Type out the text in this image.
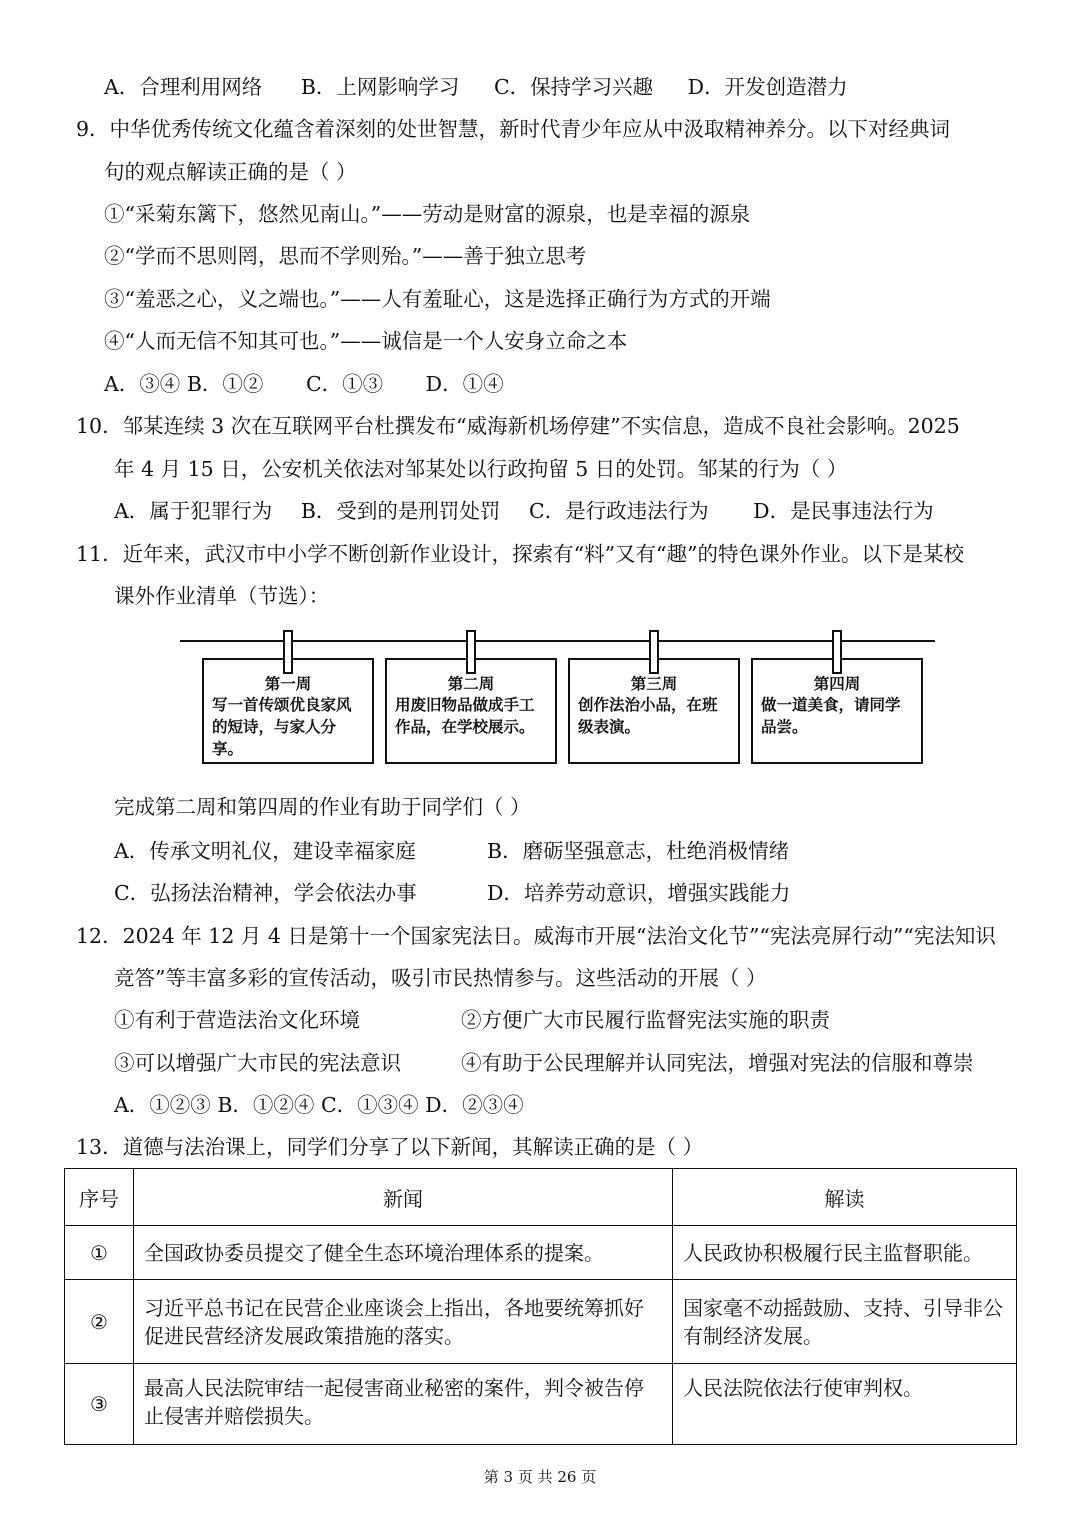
A．合理利用网络 B．上网影响学习 C．保持学习兴趣 D．开发创造潜力
9．中华优秀传统文化蕴含着深刻的处世智慧，新时代青少年应从中汲取精神养分。以下对经典词
句的观点解读正确的是（ ）
①“采菊东篱下，悠然见南山。”——劳动是财富的源泉，也是幸福的源泉
②“学而不思则罔，思而不学则殆。”——善于独立思考
③“羞恶之心，义之端也。”——人有羞耻心，这是选择正确行为方式的开端
④“人而无信不知其可也。”——诚信是一个人安身立命之本
A．③④ B．①② C．①③ D．①④
10．邹某连续 3 次在互联网平台杜撰发布“威海新机场停建”不实信息，造成不良社会影响。2025
年 4 月 15 日，公安机关依法对邹某处以行政拘留 5 日的处罚。邹某的行为（ ）
A．属于犯罪行为 B．受到的是刑罚处罚 C．是行政违法行为 D．是民事违法行为
11．近年来，武汉市中小学不断创新作业设计，探索有“料”又有“趣”的特色课外作业。以下是某校
课外作业清单（节选）：
第一周
写一首传颂优良家风的短诗，与家人分享。
第二周
用废旧物品做成手工作品，在学校展示。
第三周
创作法治小品，在班级表演。
第四周
做一道美食，请同学品尝。
完成第二周和第四周的作业有助于同学们（ ）
A．传承文明礼仪，建设幸福家庭	B．磨砺坚强意志，杜绝消极情绪
C．弘扬法治精神，学会依法办事	D．培养劳动意识，增强实践能力
12．2024 年 12 月 4 日是第十一个国家宪法日。威海市开展“法治文化节”“宪法亮屏行动”“宪法知识
竞答”等丰富多彩的宣传活动，吸引市民热情参与。这些活动的开展（ ）
①有利于营造法治文化环境	②方便广大市民履行监督宪法实施的职责
③可以增强广大市民的宪法意识	④有助于公民理解并认同宪法，增强对宪法的信服和尊崇
A．①②③ B．①②④ C．①③④ D．②③④
13．道德与法治课上，同学们分享了以下新闻，其解读正确的是（ ）
序号	新闻	解读
①	全国政协委员提交了健全生态环境治理体系的提案。	人民政协积极履行民主监督职能。
②	习近平总书记在民营企业座谈会上指出，各地要统筹抓好促进民营经济发展政策措施的落实。	国家毫不动摇鼓励、支持、引导非公有制经济发展。
③	最高人民法院审结一起侵害商业秘密的案件，判令被告停止侵害并赔偿损失。	人民法院依法行使审判权。
第 3 页 共 26 页
